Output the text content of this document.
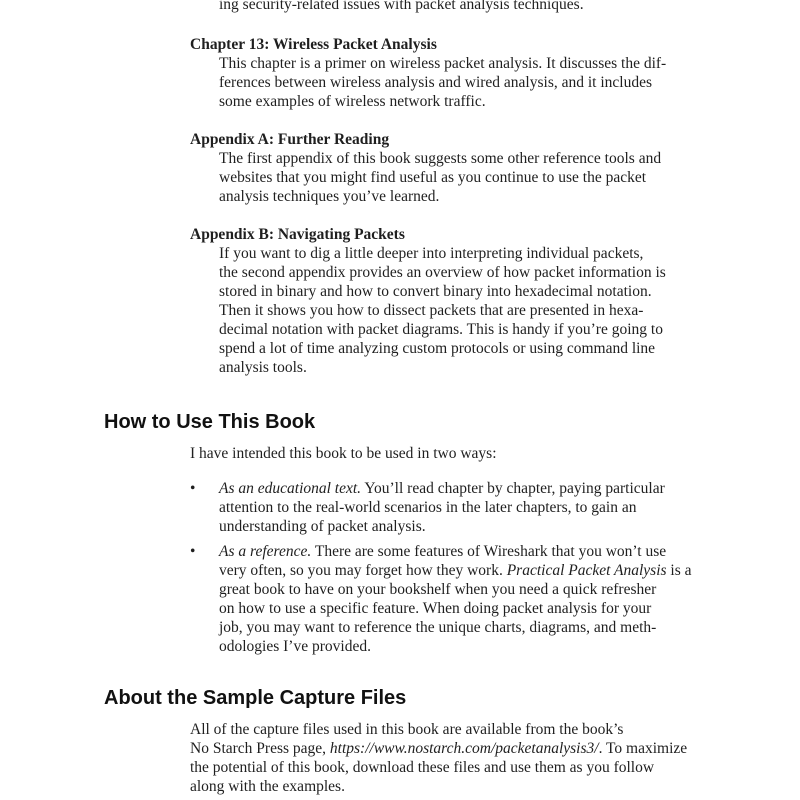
ing security-related issues with packet analysis techniques.
Chapter 13: Wireless Packet Analysis
This chapter is a primer on wireless packet analysis. It discusses the dif-
ferences between wireless analysis and wired analysis, and it includes
some examples of wireless network traffic.
Appendix A: Further Reading
The first appendix of this book suggests some other reference tools and
websites that you might find useful as you continue to use the packet
analysis techniques you’ve learned.
Appendix B: Navigating Packets
If you want to dig a little deeper into interpreting individual packets,
the second appendix provides an overview of how packet information is
stored in binary and how to convert binary into hexadecimal notation.
Then it shows you how to dissect packets that are presented in hexa-
decimal notation with packet diagrams. This is handy if you’re going to
spend a lot of time analyzing custom protocols or using command line
analysis tools.
How to Use This Book
I have intended this book to be used in two ways:
• As an educational text. You’ll read chapter by chapter, paying particular
attention to the real-world scenarios in the later chapters, to gain an
understanding of packet analysis.
• As a reference. There are some features of Wireshark that you won’t use
very often, so you may forget how they work. Practical Packet Analysis is a
great book to have on your bookshelf when you need a quick refresher
on how to use a specific feature. When doing packet analysis for your
job, you may want to reference the unique charts, diagrams, and meth-
odologies I’ve provided.
About the Sample Capture Files
All of the capture files used in this book are available from the book’s
No Starch Press page, https://www.nostarch.com/packetanalysis3/. To maximize
the potential of this book, download these files and use them as you follow
along with the examples.
